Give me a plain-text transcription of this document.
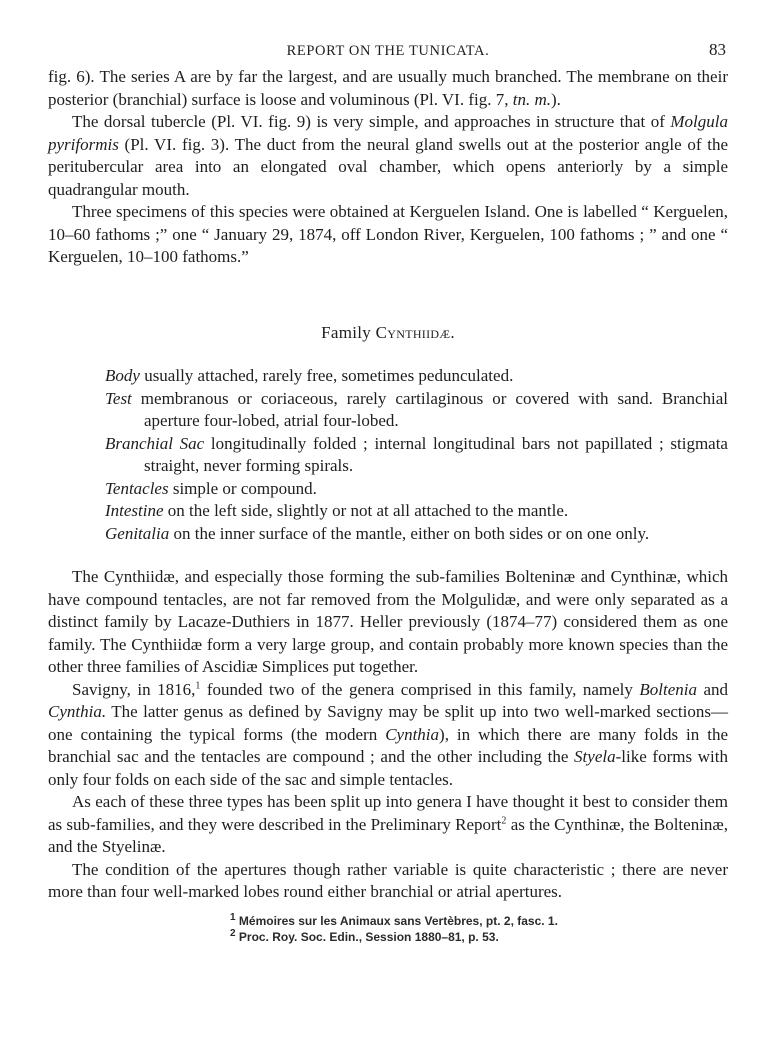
REPORT ON THE TUNICATA.	83

fig. 6). The series A are by far the largest, and are usually much branched. The membrane on their posterior (branchial) surface is loose and voluminous (Pl. VI. fig. 7, tn. m.).

The dorsal tubercle (Pl. VI. fig. 9) is very simple, and approaches in structure that of Molgula pyriformis (Pl. VI. fig. 3). The duct from the neural gland swells out at the posterior angle of the peritubercular area into an elongated oval chamber, which opens anteriorly by a simple quadrangular mouth.

Three specimens of this species were obtained at Kerguelen Island. One is labelled “ Kerguelen, 10–60 fathoms ;” one “ January 29, 1874, off London River, Kerguelen, 100 fathoms ; ” and one “ Kerguelen, 10–100 fathoms.”

Family Cynthiidæ.

Body usually attached, rarely free, sometimes pedunculated.

Test membranous or coriaceous, rarely cartilaginous or covered with sand. Branchial aperture four-lobed, atrial four-lobed.

Branchial Sac longitudinally folded ; internal longitudinal bars not papillated ; stigmata straight, never forming spirals.

Tentacles simple or compound.

Intestine on the left side, slightly or not at all attached to the mantle.

Genitalia on the inner surface of the mantle, either on both sides or on one only.

The Cynthiidæ, and especially those forming the sub-families Bolteninæ and Cynthinæ, which have compound tentacles, are not far removed from the Molgulidæ, and were only separated as a distinct family by Lacaze-Duthiers in 1877. Heller previously (1874–77) considered them as one family. The Cynthiidæ form a very large group, and contain probably more known species than the other three families of Ascidiæ Simplices put together.

Savigny, in 1816,$^1$ founded two of the genera comprised in this family, namely Boltenia and Cynthia. The latter genus as defined by Savigny may be split up into two well-marked sections—one containing the typical forms (the modern Cynthia), in which there are many folds in the branchial sac and the tentacles are compound ; and the other including the Styela-like forms with only four folds on each side of the sac and simple tentacles.

As each of these three types has been split up into genera I have thought it best to consider them as sub-families, and they were described in the Preliminary Report$^2$ as the Cynthinæ, the Bolteninæ, and the Styelinæ.

The condition of the apertures though rather variable is quite characteristic ; there are never more than four well-marked lobes round either branchial or atrial apertures.

$^1$ Mémoires sur les Animaux sans Vertèbres, pt. 2, fasc. 1.
$^2$ Proc. Roy. Soc. Edin., Session 1880–81, p. 53.
